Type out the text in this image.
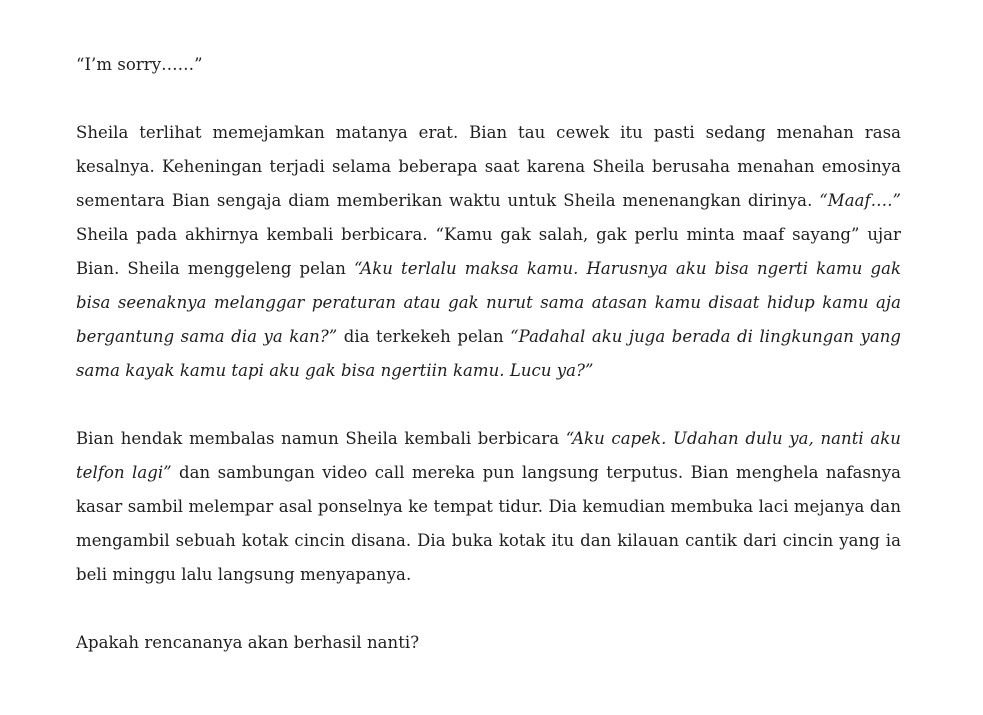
“I’m sorry……”

Sheila terlihat memejamkan matanya erat. Bian tau cewek itu pasti sedang menahan rasa kesalnya. Keheningan terjadi selama beberapa saat karena Sheila berusaha menahan emosinya sementara Bian sengaja diam memberikan waktu untuk Sheila menenangkan dirinya. “Maaf….” Sheila pada akhirnya kembali berbicara. “Kamu gak salah, gak perlu minta maaf sayang” ujar Bian. Sheila menggeleng pelan “Aku terlalu maksa kamu. Harusnya aku bisa ngerti kamu gak bisa seenaknya melanggar peraturan atau gak nurut sama atasan kamu disaat hidup kamu aja bergantung sama dia ya kan?” dia terkekeh pelan “Padahal aku juga berada di lingkungan yang sama kayak kamu tapi aku gak bisa ngertiin kamu. Lucu ya?”

Bian hendak membalas namun Sheila kembali berbicara “Aku capek. Udahan dulu ya, nanti aku telfon lagi” dan sambungan video call mereka pun langsung terputus. Bian menghela nafasnya kasar sambil melempar asal ponselnya ke tempat tidur. Dia kemudian membuka laci mejanya dan mengambil sebuah kotak cincin disana. Dia buka kotak itu dan kilauan cantik dari cincin yang ia beli minggu lalu langsung menyapanya.

Apakah rencananya akan berhasil nanti?
